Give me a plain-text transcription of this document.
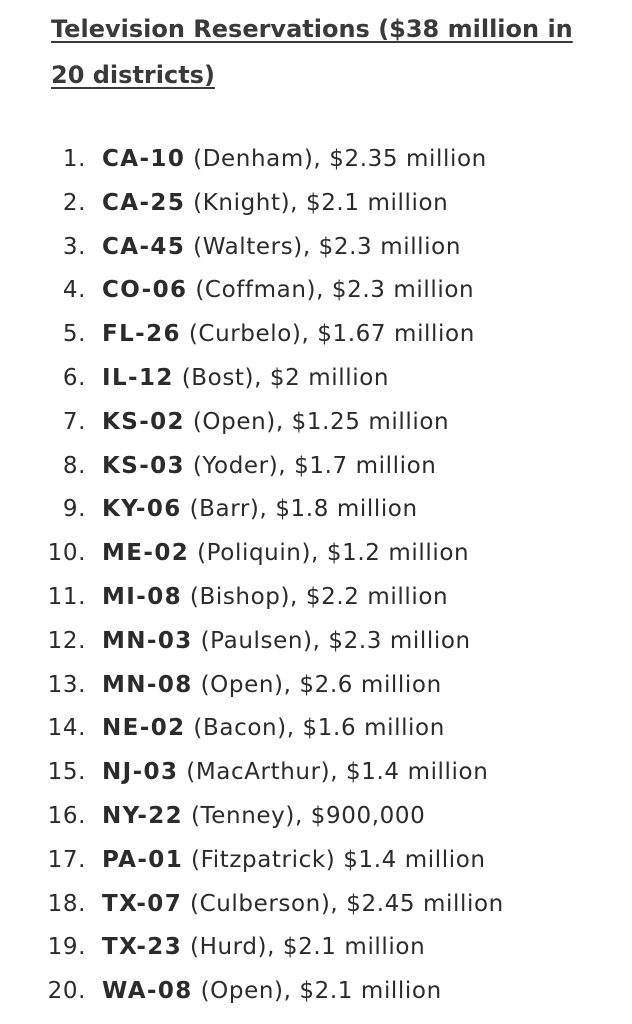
Television Reservations ($38 million in 20 districts)
1. CA-10 (Denham), $2.35 million
2. CA-25 (Knight), $2.1 million
3. CA-45 (Walters), $2.3 million
4. CO-06 (Coffman), $2.3 million
5. FL-26 (Curbelo), $1.67 million
6. IL-12 (Bost), $2 million
7. KS-02 (Open), $1.25 million
8. KS-03 (Yoder), $1.7 million
9. KY-06 (Barr), $1.8 million
10. ME-02 (Poliquin), $1.2 million
11. MI-08 (Bishop), $2.2 million
12. MN-03 (Paulsen), $2.3 million
13. MN-08 (Open), $2.6 million
14. NE-02 (Bacon), $1.6 million
15. NJ-03 (MacArthur), $1.4 million
16. NY-22 (Tenney), $900,000
17. PA-01 (Fitzpatrick) $1.4 million
18. TX-07 (Culberson), $2.45 million
19. TX-23 (Hurd), $2.1 million
20. WA-08 (Open), $2.1 million
